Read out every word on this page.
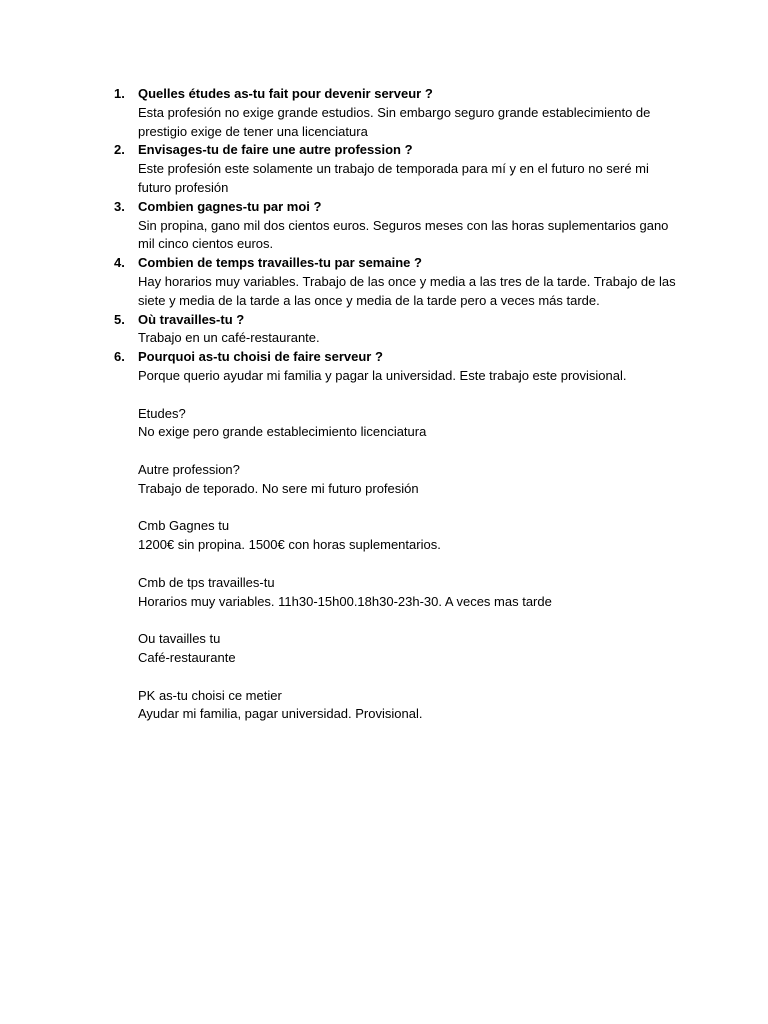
1. Quelles études as-tu fait pour devenir serveur ?
Esta profesión no exige grande estudios. Sin embargo seguro grande establecimiento de prestigio exige de tener una licenciatura
2. Envisages-tu de faire une autre profession ?
Este profesión este solamente un trabajo de temporada para mí y en el futuro no seré mi futuro profesión
3. Combien gagnes-tu par moi ?
Sin propina, gano mil dos cientos euros. Seguros meses con las horas suplementarios gano mil cinco cientos euros.
4. Combien de temps travailles-tu par semaine ?
Hay horarios muy variables. Trabajo de las once y media a las tres de la tarde. Trabajo de las siete y media de la tarde a las once y media de la tarde pero a veces más tarde.
5. Où travailles-tu ?
Trabajo en un café-restaurante.
6. Pourquoi as-tu choisi de faire serveur ?
Porque querio ayudar mi familia y pagar la universidad. Este trabajo este provisional.
Etudes?
No exige pero grande establecimiento licenciatura
Autre profession?
Trabajo de teporado. No sere mi futuro profesión
Cmb Gagnes tu
1200€ sin propina. 1500€ con horas suplementarios.
Cmb de tps travailles-tu
Horarios muy variables. 11h30-15h00.18h30-23h-30. A veces mas tarde
Ou tavailles tu
Café-restaurante
PK as-tu choisi ce metier
Ayudar mi familia, pagar universidad. Provisional.
